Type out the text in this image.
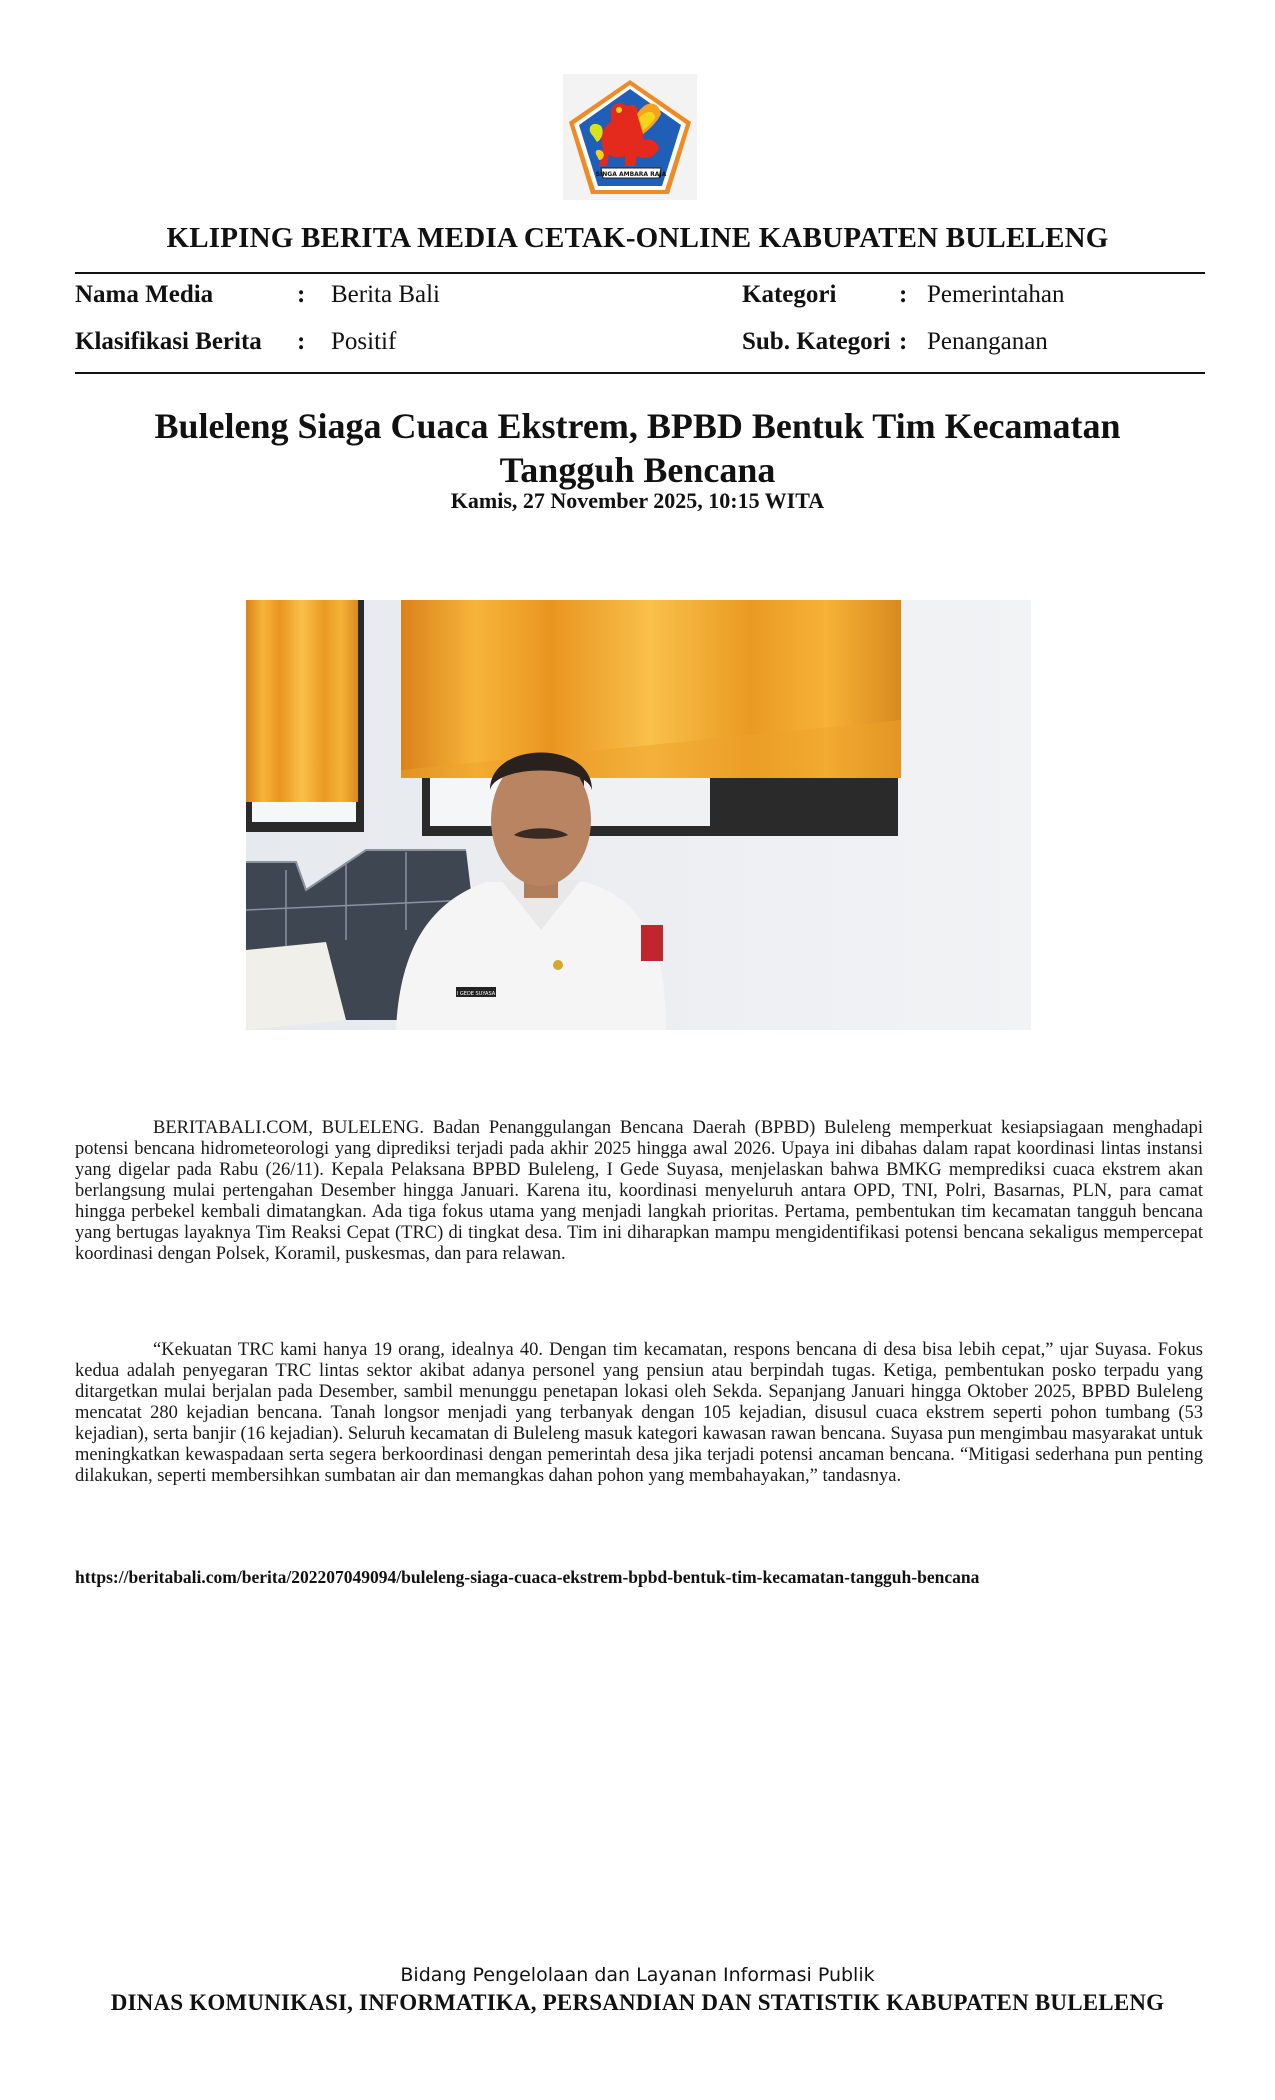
SINGA AMBARA RAJA
KLIPING BERITA MEDIA CETAK-ONLINE KABUPATEN BULELENG
Nama Media	: Berita Bali
Klasifikasi Berita : Positif
Kategori	: Pemerintahan
Sub. Kategori : Penanganan
Buleleng Siaga Cuaca Ekstrem, BPBD Bentuk Tim Kecamatan Tangguh Bencana
Kamis, 27 November 2025, 10:15 WITA
I GEDE SUYASA

BERITABALI.COM, BULELENG. Badan Penanggulangan Bencana Daerah (BPBD) Buleleng memperkuat kesiapsiagaan menghadapi potensi bencana hidrometeorologi yang diprediksi terjadi pada akhir 2025 hingga awal 2026. Upaya ini dibahas dalam rapat koordinasi lintas instansi yang digelar pada Rabu (26/11). Kepala Pelaksana BPBD Buleleng, I Gede Suyasa, menjelaskan bahwa BMKG memprediksi cuaca ekstrem akan berlangsung mulai pertengahan Desember hingga Januari. Karena itu, koordinasi menyeluruh antara OPD, TNI, Polri, Basarnas, PLN, para camat hingga perbekel kembali dimatangkan. Ada tiga fokus utama yang menjadi langkah prioritas. Pertama, pembentukan tim kecamatan tangguh bencana yang bertugas layaknya Tim Reaksi Cepat (TRC) di tingkat desa. Tim ini diharapkan mampu mengidentifikasi potensi bencana sekaligus mempercepat koordinasi dengan Polsek, Koramil, puskesmas, dan para relawan.

“Kekuatan TRC kami hanya 19 orang, idealnya 40. Dengan tim kecamatan, respons bencana di desa bisa lebih cepat,” ujar Suyasa. Fokus kedua adalah penyegaran TRC lintas sektor akibat adanya personel yang pensiun atau berpindah tugas. Ketiga, pembentukan posko terpadu yang ditargetkan mulai berjalan pada Desember, sambil menunggu penetapan lokasi oleh Sekda. Sepanjang Januari hingga Oktober 2025, BPBD Buleleng mencatat 280 kejadian bencana. Tanah longsor menjadi yang terbanyak dengan 105 kejadian, disusul cuaca ekstrem seperti pohon tumbang (53 kejadian), serta banjir (16 kejadian). Seluruh kecamatan di Buleleng masuk kategori kawasan rawan bencana. Suyasa pun mengimbau masyarakat untuk meningkatkan kewaspadaan serta segera berkoordinasi dengan pemerintah desa jika terjadi potensi ancaman bencana. “Mitigasi sederhana pun penting dilakukan, seperti membersihkan sumbatan air dan memangkas dahan pohon yang membahayakan,” tandasnya.

https://beritabali.com/berita/202207049094/buleleng-siaga-cuaca-ekstrem-bpbd-bentuk-tim-kecamatan-tangguh-bencana
Bidang Pengelolaan dan Layanan Informasi Publik
DINAS KOMUNIKASI, INFORMATIKA, PERSANDIAN DAN STATISTIK KABUPATEN BULELENG
